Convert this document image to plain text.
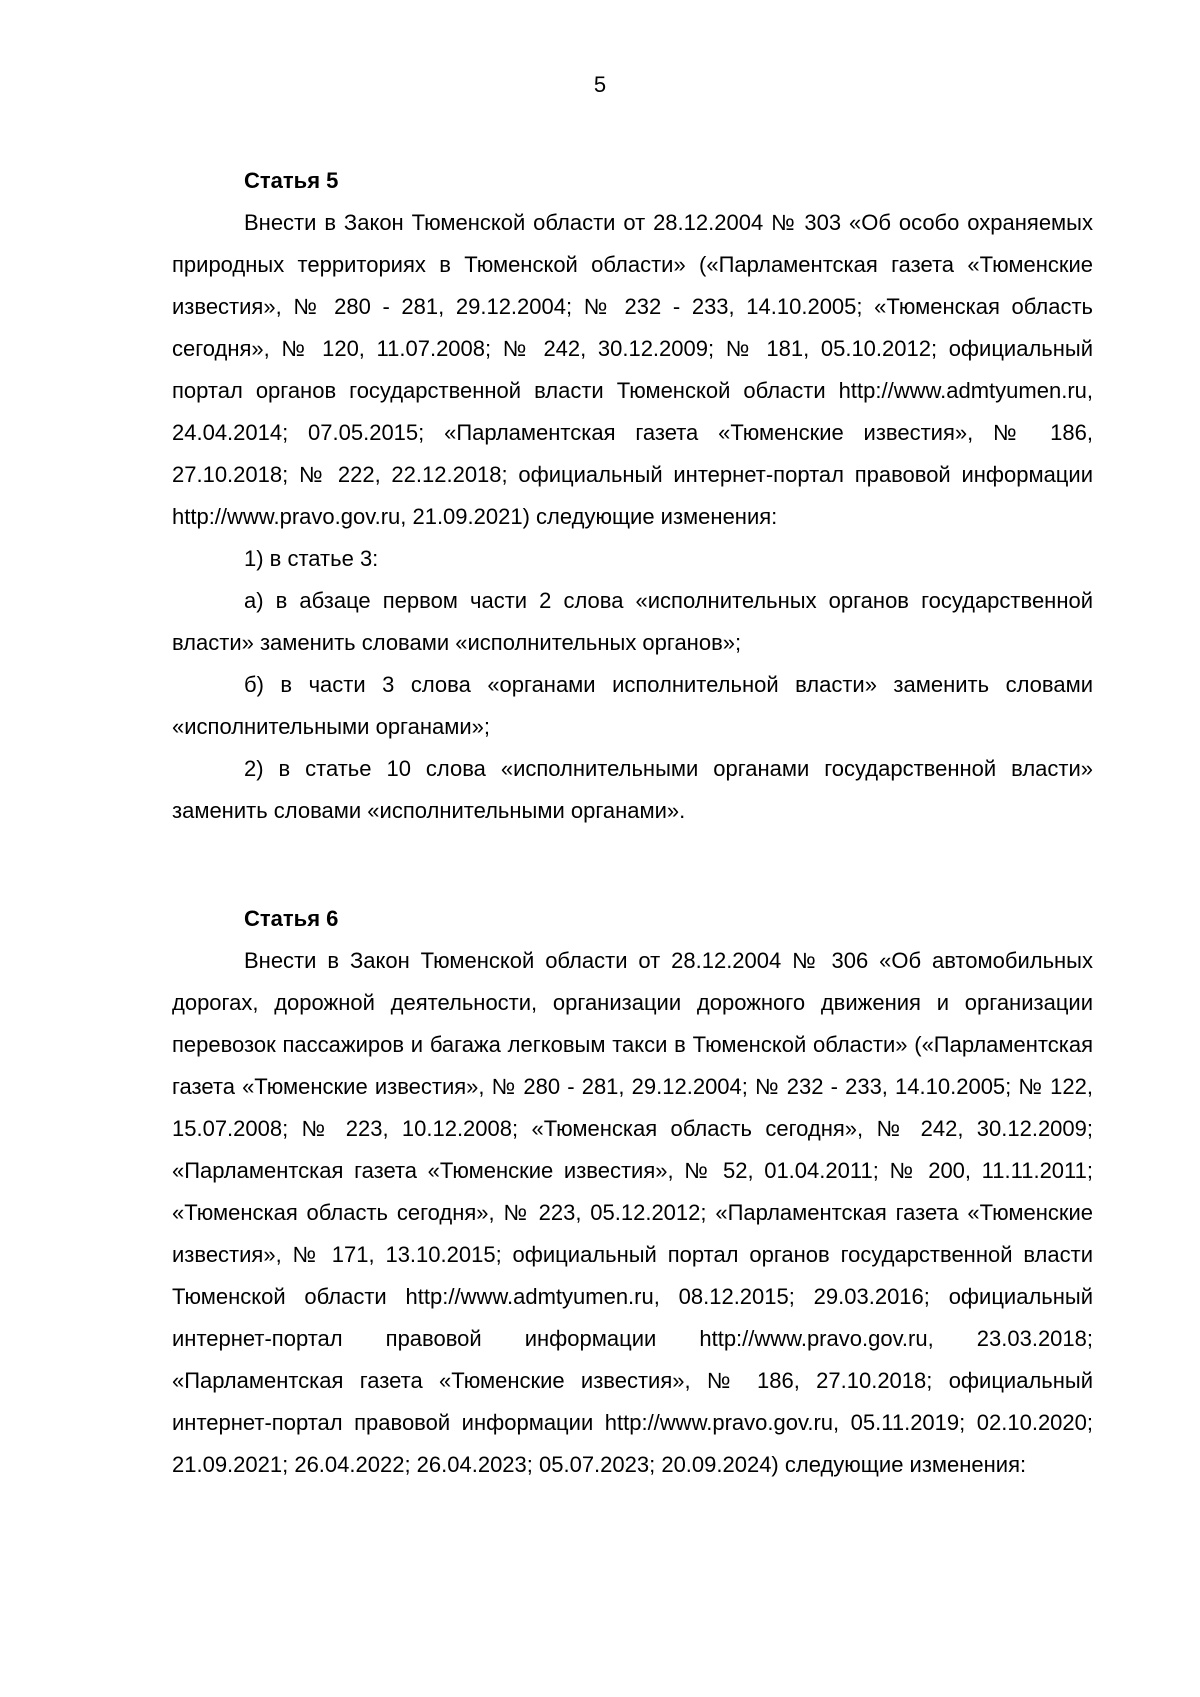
5

Статья 5

Внести в Закон Тюменской области от 28.12.2004 № 303 «Об особо охраняемых природных территориях в Тюменской области» («Парламентская газета «Тюменские известия», № 280 - 281, 29.12.2004; № 232 - 233, 14.10.2005; «Тюменская область сегодня», № 120, 11.07.2008; № 242, 30.12.2009; № 181, 05.10.2012; официальный портал органов государственной власти Тюменской области http://www.admtyumen.ru, 24.04.2014; 07.05.2015; «Парламентская газета «Тюменские известия», № 186, 27.10.2018; № 222, 22.12.2018; официальный интернет-портал правовой информации http://www.pravo.gov.ru, 21.09.2021) следующие изменения:

1) в статье 3:

а) в абзаце первом части 2 слова «исполнительных органов государственной власти» заменить словами «исполнительных органов»;

б) в части 3 слова «органами исполнительной власти» заменить словами «исполнительными органами»;

2) в статье 10 слова «исполнительными органами государственной власти» заменить словами «исполнительными органами».

Статья 6

Внести в Закон Тюменской области от 28.12.2004 № 306 «Об автомобильных дорогах, дорожной деятельности, организации дорожного движения и организации перевозок пассажиров и багажа легковым такси в Тюменской области» («Парламентская газета «Тюменские известия», № 280 - 281, 29.12.2004; № 232 - 233, 14.10.2005; № 122, 15.07.2008; № 223, 10.12.2008; «Тюменская область сегодня», № 242, 30.12.2009; «Парламентская газета «Тюменские известия», № 52, 01.04.2011; № 200, 11.11.2011; «Тюменская область сегодня», № 223, 05.12.2012; «Парламентская газета «Тюменские известия», № 171, 13.10.2015; официальный портал органов государственной власти Тюменской области http://www.admtyumen.ru, 08.12.2015; 29.03.2016; официальный интернет-портал правовой информации http://www.pravo.gov.ru, 23.03.2018; «Парламентская газета «Тюменские известия», № 186, 27.10.2018; официальный интернет-портал правовой информации http://www.pravo.gov.ru, 05.11.2019; 02.10.2020; 21.09.2021; 26.04.2022; 26.04.2023; 05.07.2023; 20.09.2024) следующие изменения:
